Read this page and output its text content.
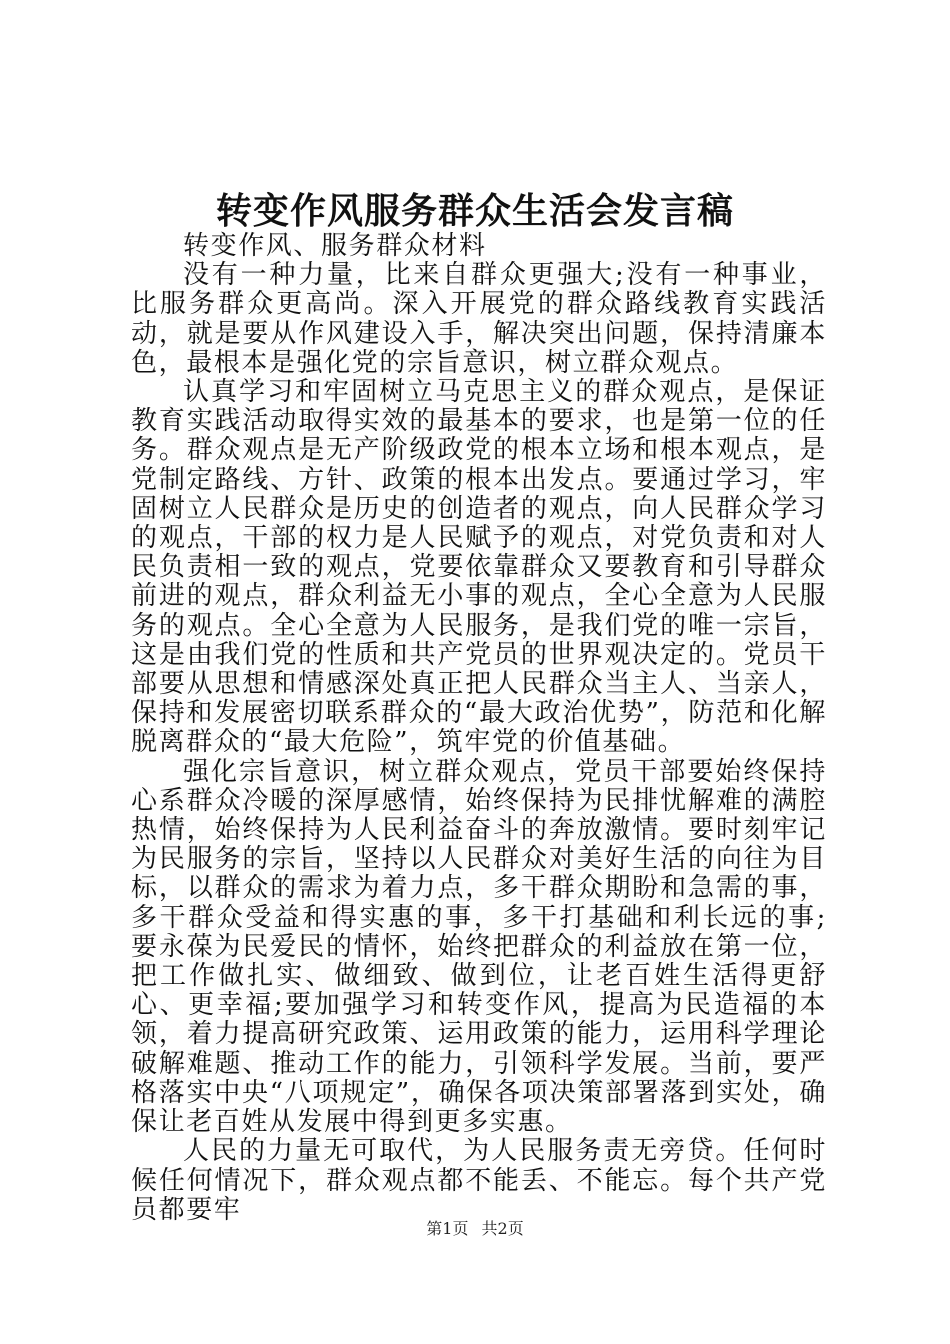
转变作风服务群众生活会发言稿

转变作风、服务群众材料

没有一种力量，比来自群众更强大;没有一种事业，比服务群众更高尚。深入开展党的群众路线教育实践活动，就是要从作风建设入手，解决突出问题，保持清廉本色，最根本是强化党的宗旨意识，树立群众观点。

认真学习和牢固树立马克思主义的群众观点，是保证教育实践活动取得实效的最基本的要求，也是第一位的任务。群众观点是无产阶级政党的根本立场和根本观点，是党制定路线、方针、政策的根本出发点。要通过学习，牢固树立人民群众是历史的创造者的观点，向人民群众学习的观点，干部的权力是人民赋予的观点，对党负责和对人民负责相一致的观点，党要依靠群众又要教育和引导群众前进的观点，群众利益无小事的观点，全心全意为人民服务的观点。全心全意为人民服务，是我们党的唯一宗旨，这是由我们党的性质和共产党员的世界观决定的。党员干部要从思想和情感深处真正把人民群众当主人、当亲人，保持和发展密切联系群众的“最大政治优势”，防范和化解脱离群众的“最大危险”，筑牢党的价值基础。

强化宗旨意识，树立群众观点，党员干部要始终保持心系群众冷暖的深厚感情，始终保持为民排忧解难的满腔热情，始终保持为人民利益奋斗的奔放激情。要时刻牢记为民服务的宗旨，坚持以人民群众对美好生活的向往为目标，以群众的需求为着力点，多干群众期盼和急需的事，多干群众受益和得实惠的事，多干打基础和利长远的事;要永葆为民爱民的情怀，始终把群众的利益放在第一位，把工作做扎实、做细致、做到位，让老百姓生活得更舒心、更幸福;要加强学习和转变作风，提高为民造福的本领，着力提高研究政策、运用政策的能力，运用科学理论破解难题、推动工作的能力，引领科学发展。当前，要严格落实中央“八项规定”，确保各项决策部署落到实处，确保让老百姓从发展中得到更多实惠。

人民的力量无可取代，为人民服务责无旁贷。任何时候任何情况下，群众观点都不能丢、不能忘。每个共产党员都要牢

第1页 共2页
